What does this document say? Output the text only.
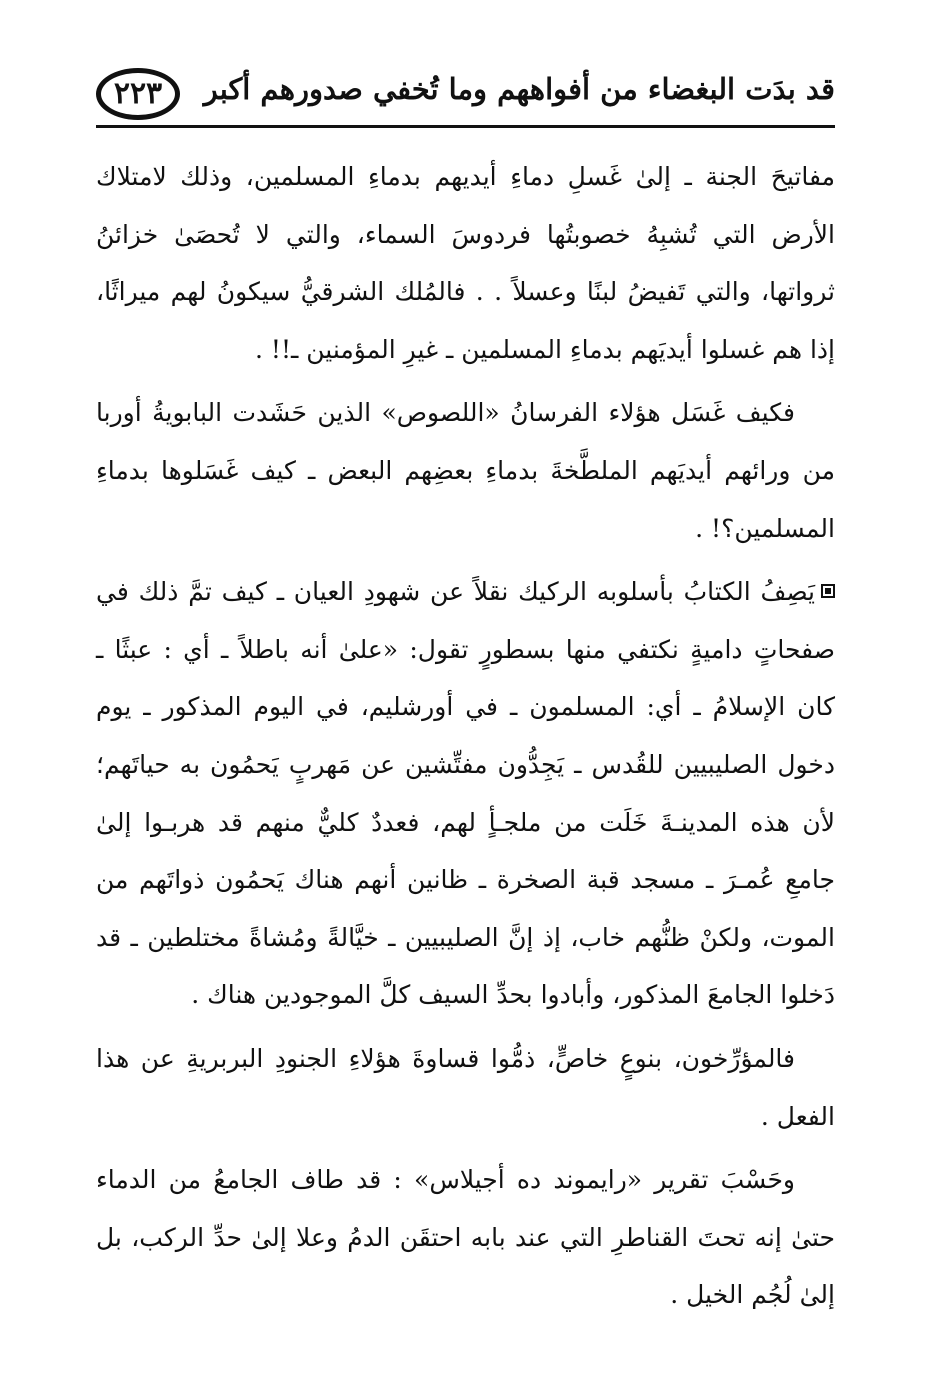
قد بدَت البغضاء من أفواههم وما تُخفي صدورهم أكبر
٢٢٣

مفاتيحَ الجنة ـ إلىٰ غَسلِ دماءِ أيديهم بدماءِ المسلمين، وذلك لامتلاك الأرض التي تُشبِهُ خصوبتُها فردوسَ السماء، والتي لا تُحصَىٰ خزائنُ ثرواتها، والتي تَفيضُ لبنًا وعسلاً . . فالمُلك الشرقيُّ سيكونُ لهم ميراثًا، إذا هم غسلوا أيديَهم بدماءِ المسلمين ـ غيرِ المؤمنين ـ!! .

فكيف غَسَل هؤلاء الفرسانُ «اللصوص» الذين حَشَدت البابويةُ أوربا من ورائهم أيديَهم الملطَّخةَ بدماءِ بعضِهم البعض ـ كيف غَسَلوها بدماءِ المسلمين؟! .

يَصِفُ الكتابُ بأسلوبه الركيك نقلاً عن شهودِ العيان ـ كيف تمَّ ذلك في صفحاتٍ داميةٍ نكتفي منها بسطورٍ تقول: «علىٰ أنه باطلاً ـ أي : عبثًا ـ كان الإسلامُ ـ أي: المسلمون ـ في أورشليم، في اليوم المذكور ـ يوم دخول الصليبيين للقُدس ـ يَجِدُّون مفتِّشين عن مَهربٍ يَحمُون به حياتَهم؛ لأن هذه المدينـةَ خَلَت من ملجـأٍ لهم، فعددٌ كليٌّ منهم قد هربـوا إلىٰ جامعِ عُمـرَ ـ مسجد قبة الصخرة ـ ظانين أنهم هناك يَحمُون ذواتَهم من الموت، ولكنْ ظنُّهم خاب، إذ إنَّ الصليبيين ـ خيَّالةً ومُشاةً مختلطين ـ قد دَخلوا الجامعَ المذكور، وأبادوا بحدِّ السيف كلَّ الموجودين هناك .

فالمؤرِّخون، بنوعٍ خاصٍّ، ذمُّوا قساوةَ هؤلاءِ الجنودِ البربريةِ عن هذا الفعل .

وحَسْبَ تقرير «رايموند ده أجيلاس» : قد طاف الجامعُ من الدماء حتىٰ إنه تحتَ القناطرِ التي عند بابه احتقَن الدمُ وعلا إلىٰ حدِّ الركب، بل إلىٰ لُجُم الخيل .
